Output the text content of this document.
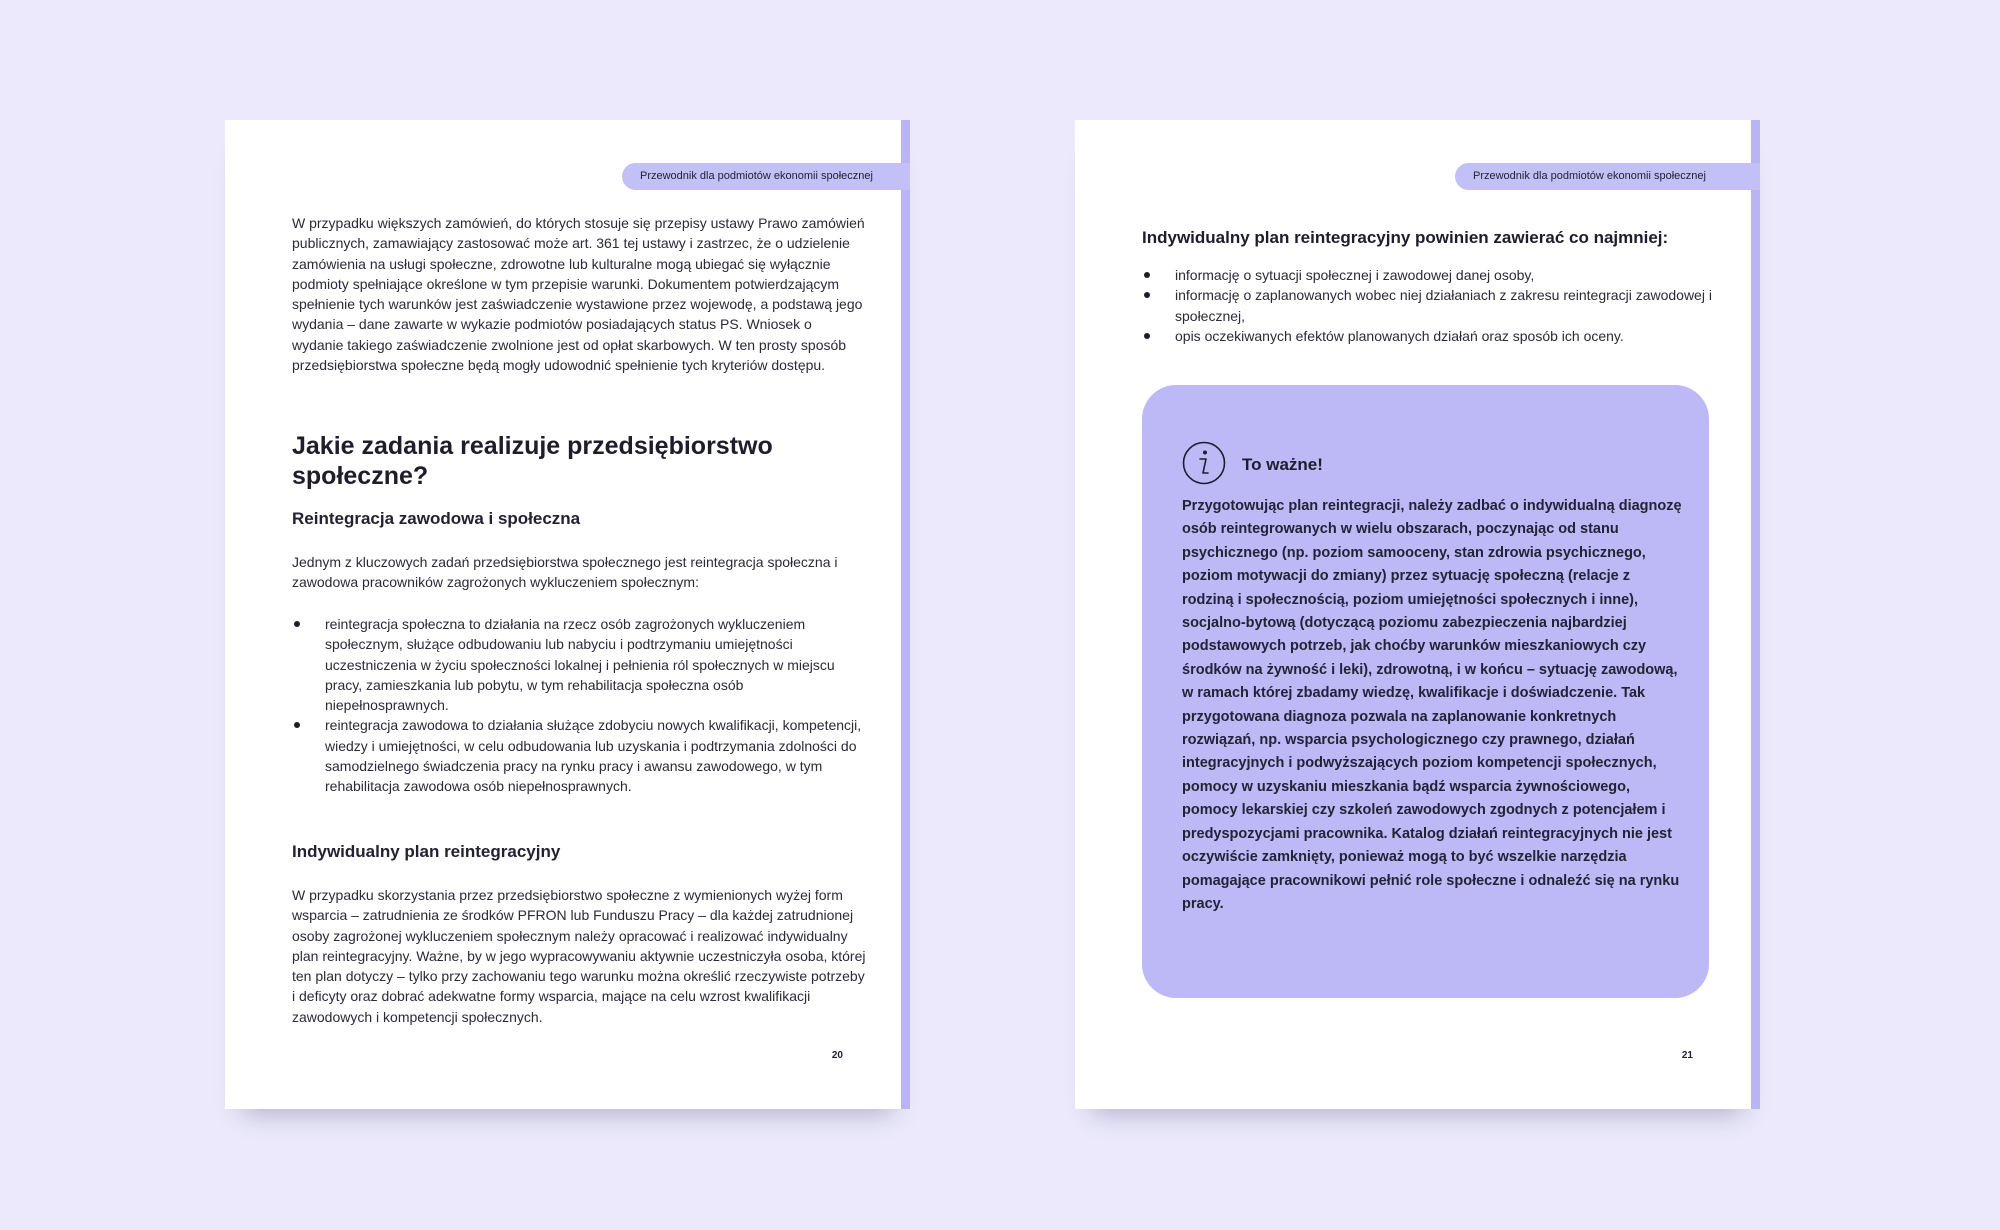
Przewodnik dla podmiotów ekonomii społecznej

W przypadku większych zamówień, do których stosuje się przepisy ustawy Prawo zamówień publicznych, zamawiający zastosować może art. 361 tej ustawy i zastrzec, że o udzielenie zamówienia na usługi społeczne, zdrowotne lub kulturalne mogą ubiegać się wyłącznie podmioty spełniające określone w tym przepisie warunki. Dokumentem potwierdzającym spełnienie tych warunków jest zaświadczenie wystawione przez wojewodę, a podstawą jego wydania – dane zawarte w wykazie podmiotów posiadających status PS. Wniosek o wydanie takiego zaświadczenie zwolnione jest od opłat skarbowych. W ten prosty sposób przedsiębiorstwa społeczne będą mogły udowodnić spełnienie tych kryteriów dostępu.

Jakie zadania realizuje przedsiębiorstwo społeczne?
Reintegracja zawodowa i społeczna

Jednym z kluczowych zadań przedsiębiorstwa społecznego jest reintegracja społeczna i zawodowa pracowników zagrożonych wykluczeniem społecznym:

reintegracja społeczna to działania na rzecz osób zagrożonych wykluczeniem społecznym, służące odbudowaniu lub nabyciu i podtrzymaniu umiejętności uczestniczenia w życiu społeczności lokalnej i pełnienia ról społecznych w miejscu pracy, zamieszkania lub pobytu, w tym rehabilitacja społeczna osób niepełnosprawnych.
reintegracja zawodowa to działania służące zdobyciu nowych kwalifikacji, kompetencji, wiedzy i umiejętności, w celu odbudowania lub uzyskania i podtrzymania zdolności do samodzielnego świadczenia pracy na rynku pracy i awansu zawodowego, w tym rehabilitacja zawodowa osób niepełnosprawnych.
Indywidualny plan reintegracyjny

W przypadku skorzystania przez przedsiębiorstwo społeczne z wymienionych wyżej form wsparcia – zatrudnienia ze środków PFRON lub Funduszu Pracy – dla każdej zatrudnionej osoby zagrożonej wykluczeniem społecznym należy opracować i realizować indywidualny plan reintegracyjny. Ważne, by w jego wypracowywaniu aktywnie uczestniczyła osoba, której ten plan dotyczy – tylko przy zachowaniu tego warunku można określić rzeczywiste potrzeby i deficyty oraz dobrać adekwatne formy wsparcia, mające na celu wzrost kwalifikacji zawodowych i kompetencji społecznych.

20
Przewodnik dla podmiotów ekonomii społecznej
Indywidualny plan reintegracyjny powinien zawierać co najmniej:
informację o sytuacji społecznej i zawodowej danej osoby,
informację o zaplanowanych wobec niej działaniach z zakresu reintegracji zawodowej i społecznej,
opis oczekiwanych efektów planowanych działań oraz sposób ich oceny.
To ważne!

Przygotowując plan reintegracji, należy zadbać o indywidualną diagnozę osób reintegrowanych w wielu obszarach, poczynając od stanu psychicznego (np. poziom samooceny, stan zdrowia psychicznego, poziom motywacji do zmiany) przez sytuację społeczną (relacje z rodziną i społecznością, poziom umiejętności społecznych i inne), socjalno-bytową (dotyczącą poziomu zabezpieczenia najbardziej podstawowych potrzeb, jak choćby warunków mieszkaniowych czy środków na żywność i leki), zdrowotną, i w końcu – sytuację zawodową, w ramach której zbadamy wiedzę, kwalifikacje i doświadczenie. Tak przygotowana diagnoza pozwala na zaplanowanie konkretnych rozwiązań, np. wsparcia psychologicznego czy prawnego, działań integracyjnych i podwyższających poziom kompetencji społecznych, pomocy w uzyskaniu mieszkania bądź wsparcia żywnościowego, pomocy lekarskiej czy szkoleń zawodowych zgodnych z potencjałem i predyspozycjami pracownika. Katalog działań reintegracyjnych nie jest oczywiście zamknięty, ponieważ mogą to być wszelkie narzędzia pomagające pracownikowi pełnić role społeczne i odnaleźć się na rynku pracy.

21
